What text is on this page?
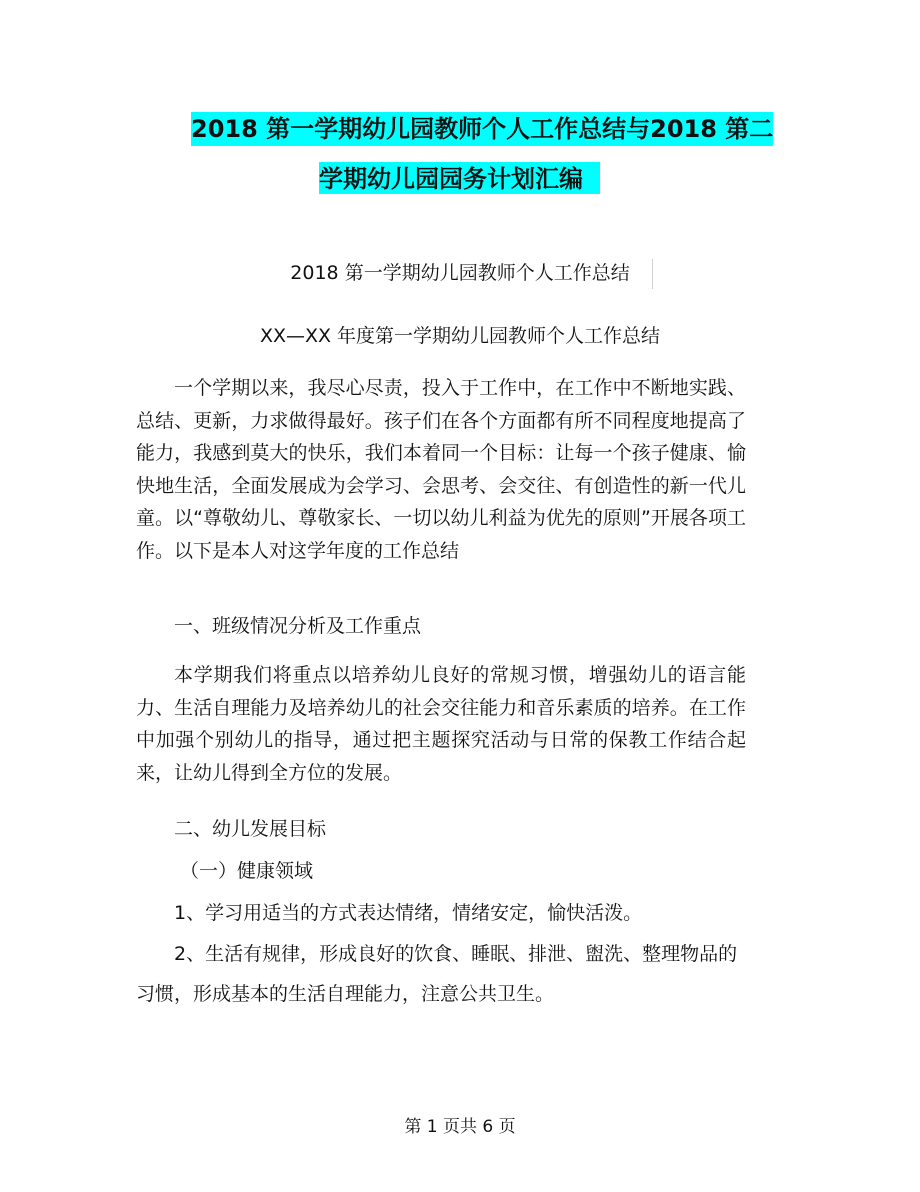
2018 第一学期幼儿园教师个人工作总结与 2018 第二
学期幼儿园园务计划汇编
2018 第一学期幼儿园教师个人工作总结
XX—XX 年度第一学期幼儿园教师个人工作总结
一个学期以来，我尽心尽责，投入于工作中，在工作中不断地实践、总结、更新，力求做得最好。孩子们在各个方面都有所不同程度地提高了能力，我感到莫大的快乐，我们本着同一个目标：让每一个孩子健康、愉快地生活，全面发展成为会学习、会思考、会交往、有创造性的新一代儿童。以“尊敬幼儿、尊敬家长、一切以幼儿利益为优先的原则”开展各项工作。以下是本人对这学年度的工作总结
一、班级情况分析及工作重点
本学期我们将重点以培养幼儿良好的常规习惯，增强幼儿的语言能力、生活自理能力及培养幼儿的社会交往能力和音乐素质的培养。在工作中加强个别幼儿的指导，通过把主题探究活动与日常的保教工作结合起来，让幼儿得到全方位的发展。
二、幼儿发展目标
（一）健康领域
1、学习用适当的方式表达情绪，情绪安定，愉快活泼。
2、生活有规律，形成良好的饮食、睡眠、排泄、盥洗、整理物品的习惯，形成基本的生活自理能力，注意公共卫生。
第 1 页共 6 页
